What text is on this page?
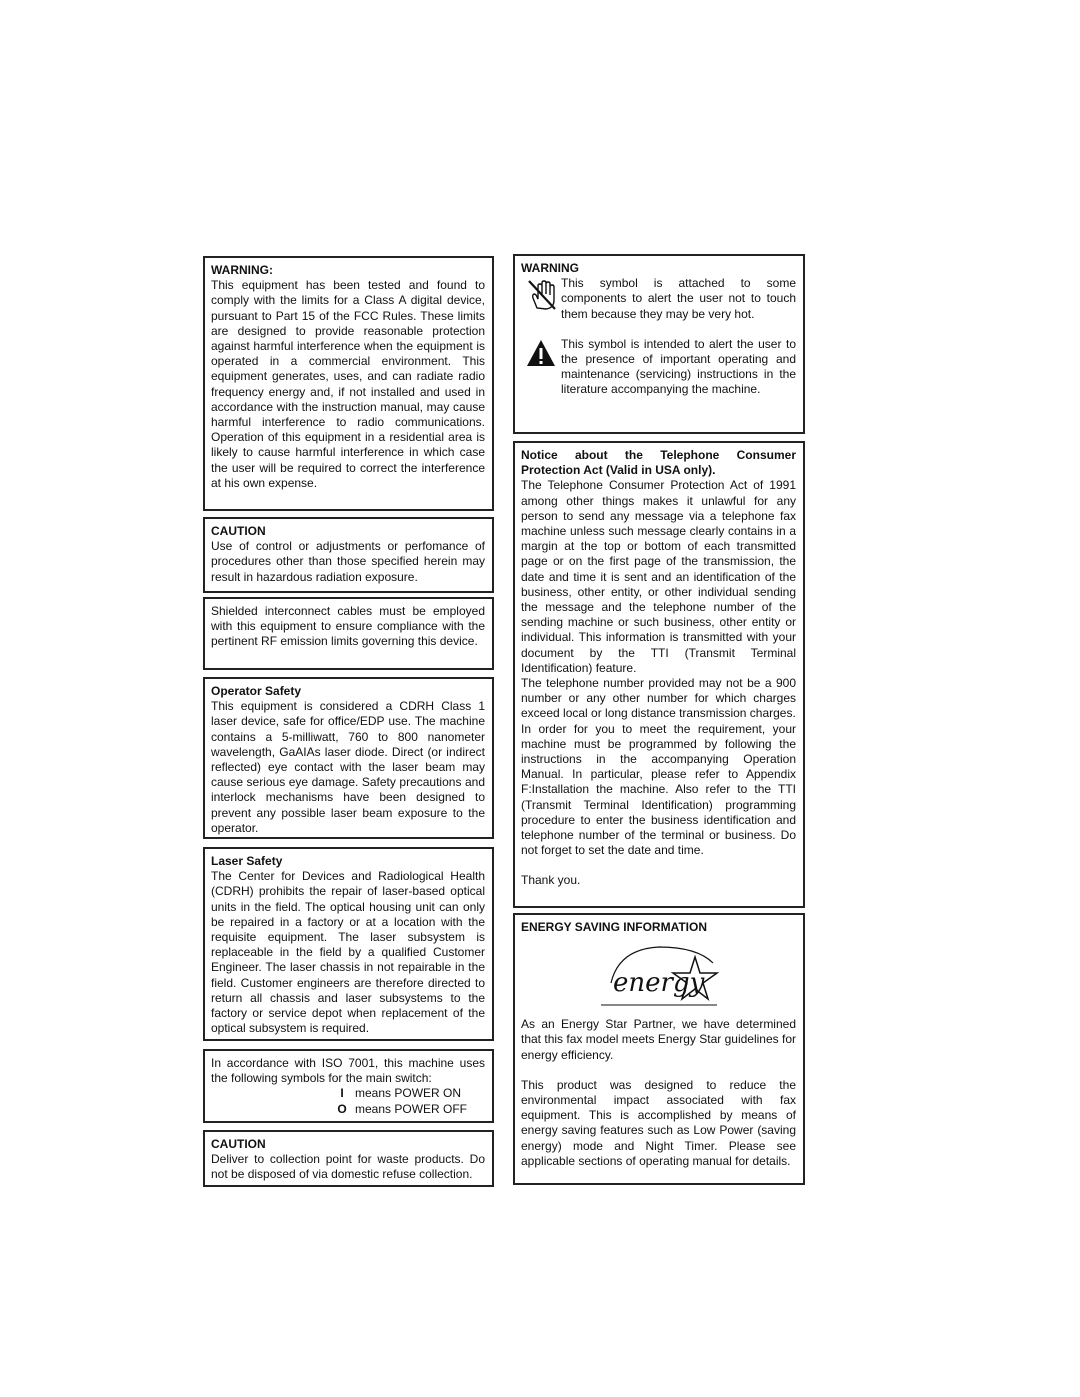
WARNING:

This equipment has been tested and found to comply with the limits for a Class A digital device, pursuant to Part 15 of the FCC Rules. These limits are designed to provide reasonable protection against harmful interference when the equipment is operated in a commercial environment. This equipment generates, uses, and can radiate radio frequency energy and, if not installed and used in accordance with the instruction manual, may cause harmful interference to radio communications. Operation of this equipment in a residential area is likely to cause harmful interference in which case the user will be required to correct the interference at his own expense.

CAUTION

Use of control or adjustments or perfomance of procedures other than those specified herein may result in hazardous radiation exposure.

Shielded interconnect cables must be employed with this equipment to ensure compliance with the pertinent RF emission limits governing this device.

Operator Safety

This equipment is considered a CDRH Class 1 laser device, safe for office/EDP use. The machine contains a 5-milliwatt, 760 to 800 nanometer wavelength, GaAIAs laser diode. Direct (or indirect reflected) eye contact with the laser beam may cause serious eye damage. Safety precautions and interlock mechanisms have been designed to prevent any possible laser beam exposure to the operator.

Laser Safety

The Center for Devices and Radiological Health (CDRH) prohibits the repair of laser-based optical units in the field. The optical housing unit can only be repaired in a factory or at a location with the requisite equipment. The laser subsystem is replaceable in the field by a qualified Customer Engineer. The laser chassis in not repairable in the field. Customer engineers are therefore directed to return all chassis and laser subsystems to the factory or service depot when replacement of the optical subsystem is required.

In accordance with ISO 7001, this machine uses the following symbols for the main switch:

I means POWER ON
O means POWER OFF

CAUTION

Deliver to collection point for waste products. Do not be disposed of via domestic refuse collection.

WARNING

This symbol is attached to some components to alert the user not to touch them because they may be very hot.

This symbol is intended to alert the user to the presence of important operating and maintenance (servicing) instructions in the literature accompanying the machine.

Notice about the Telephone Consumer Protection Act (Valid in USA only).

The Telephone Consumer Protection Act of 1991 among other things makes it unlawful for any person to send any message via a telephone fax machine unless such message clearly contains in a margin at the top or bottom of each transmitted page or on the first page of the transmission, the date and time it is sent and an identification of the business, other entity, or other individual sending the message and the telephone number of the sending machine or such business, other entity or individual. This information is transmitted with your document by the TTI (Transmit Terminal Identification) feature.

The telephone number provided may not be a 900 number or any other number for which charges exceed local or long distance transmission charges.

In order for you to meet the requirement, your machine must be programmed by following the instructions in the accompanying Operation Manual. In particular, please refer to Appendix F:Installation the machine. Also refer to the TTI (Transmit Terminal Identification) programming procedure to enter the business identification and telephone number of the terminal or business. Do not forget to set the date and time.

Thank you.

ENERGY SAVING INFORMATION

energy

As an Energy Star Partner, we have determined that this fax model meets Energy Star guidelines for energy efficiency.

This product was designed to reduce the environmental impact associated with fax equipment. This is accomplished by means of energy saving features such as Low Power (saving energy) mode and Night Timer. Please see applicable sections of operating manual for details.
